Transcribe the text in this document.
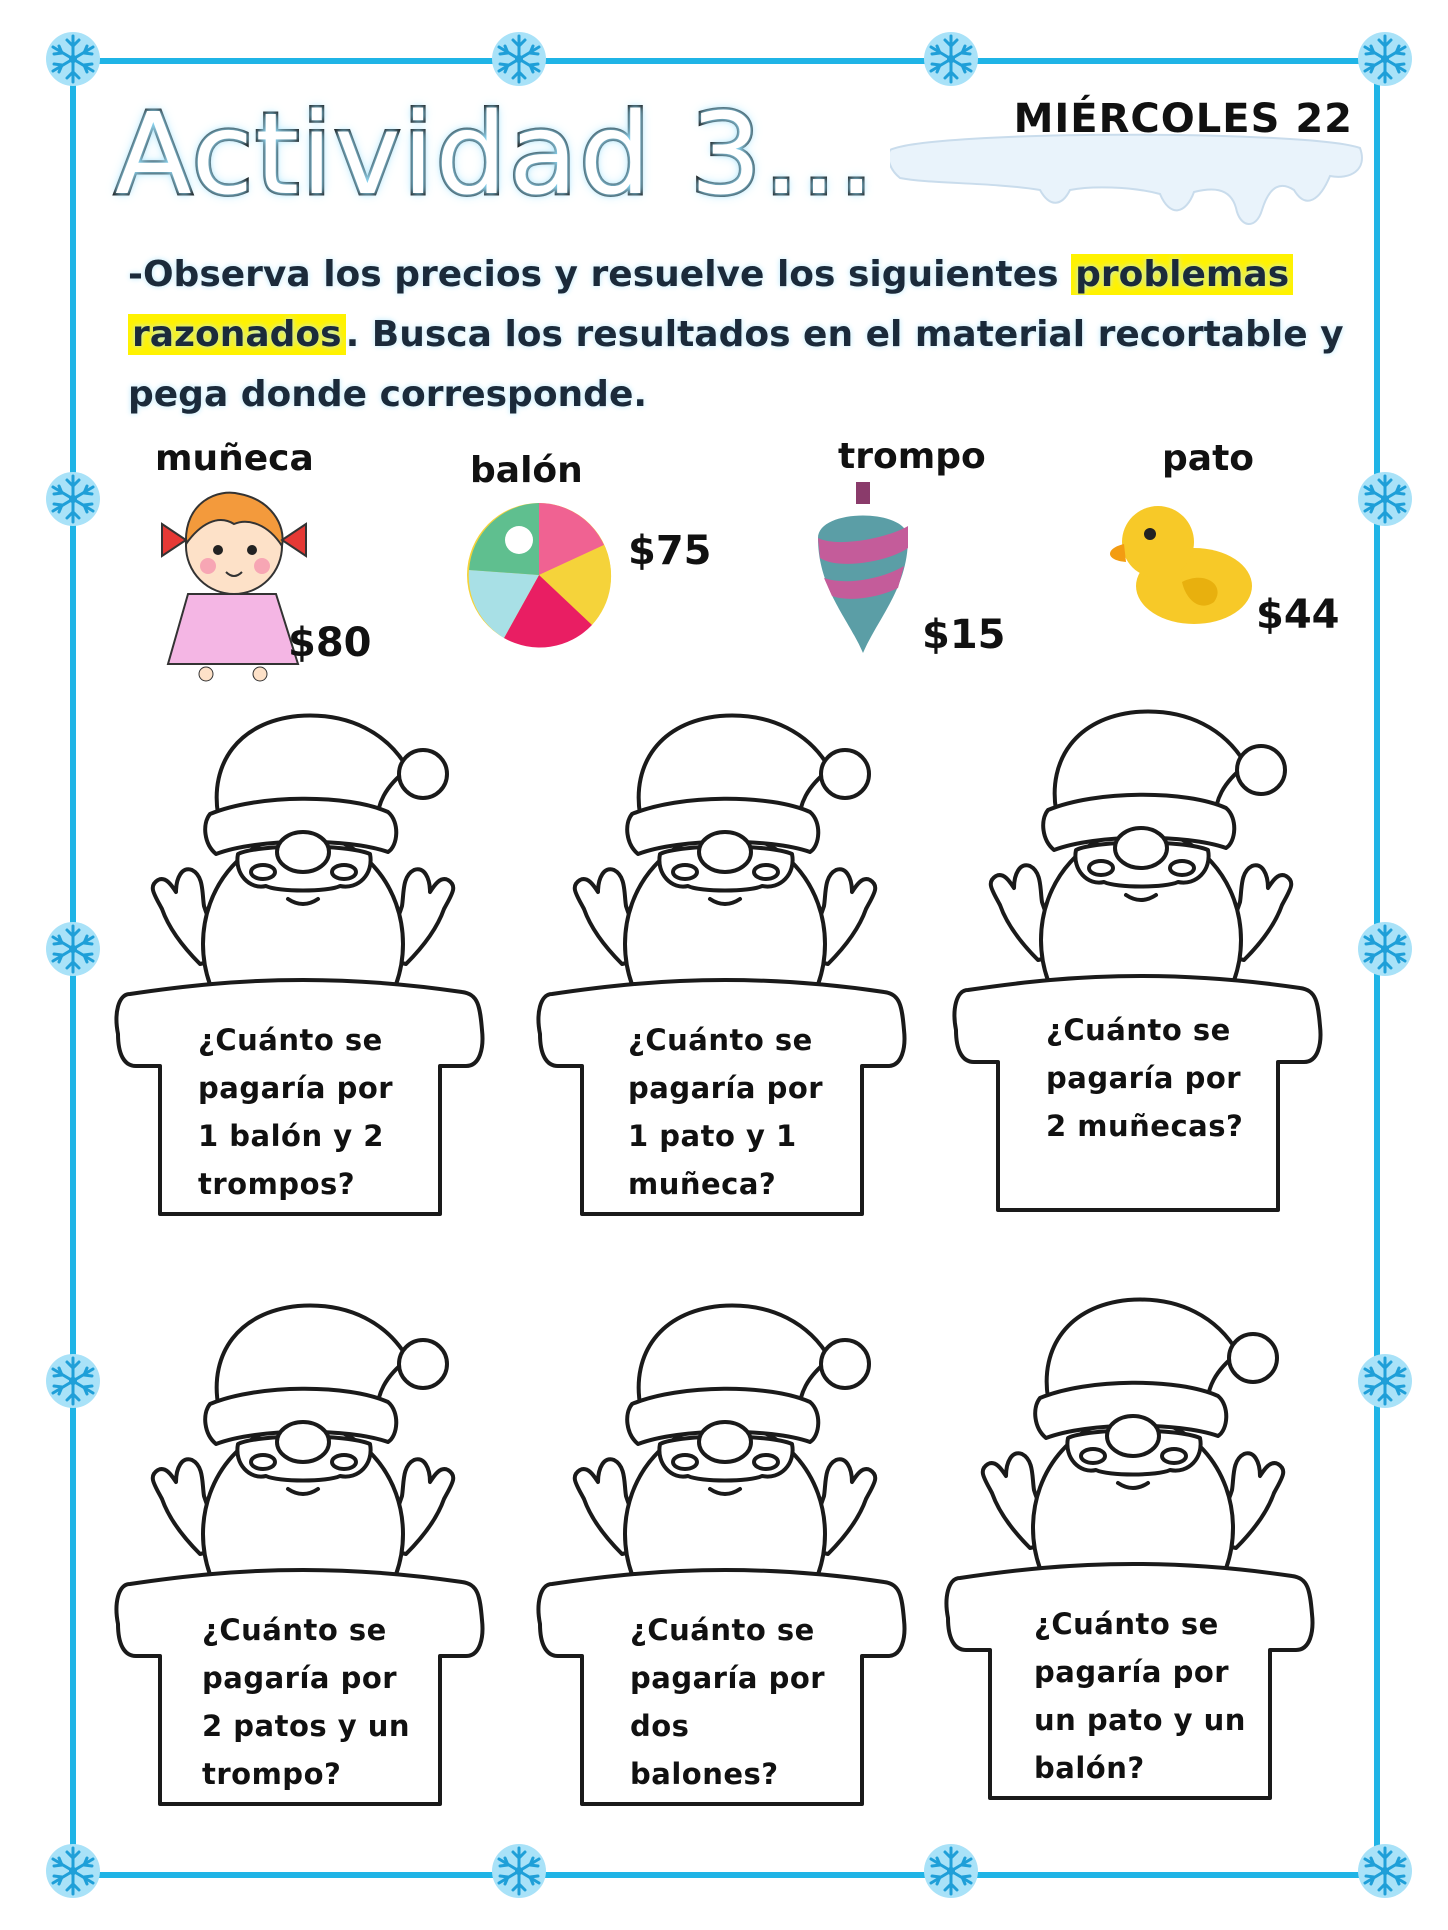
Actividad 3...	MIÉRCOLES 22
-Observa los precios y resuelve los siguientes problemas razonados . Busca los resultados en el material recortable y pega donde corresponde.
muñeca	balón	trompo	pato
$80
$75
$15	$44
¿Cuánto se
pagaría por
1 balón y 2
trompos?
¿Cuánto se
pagaría por
1 pato y 1
muñeca?
¿Cuánto se
pagaría por
2 muñecas?
¿Cuánto se
pagaría por
2 patos y un
trompo?
¿Cuánto se
pagaría por
dos
balones?
¿Cuánto se
pagaría por
un pato y un
balón?
